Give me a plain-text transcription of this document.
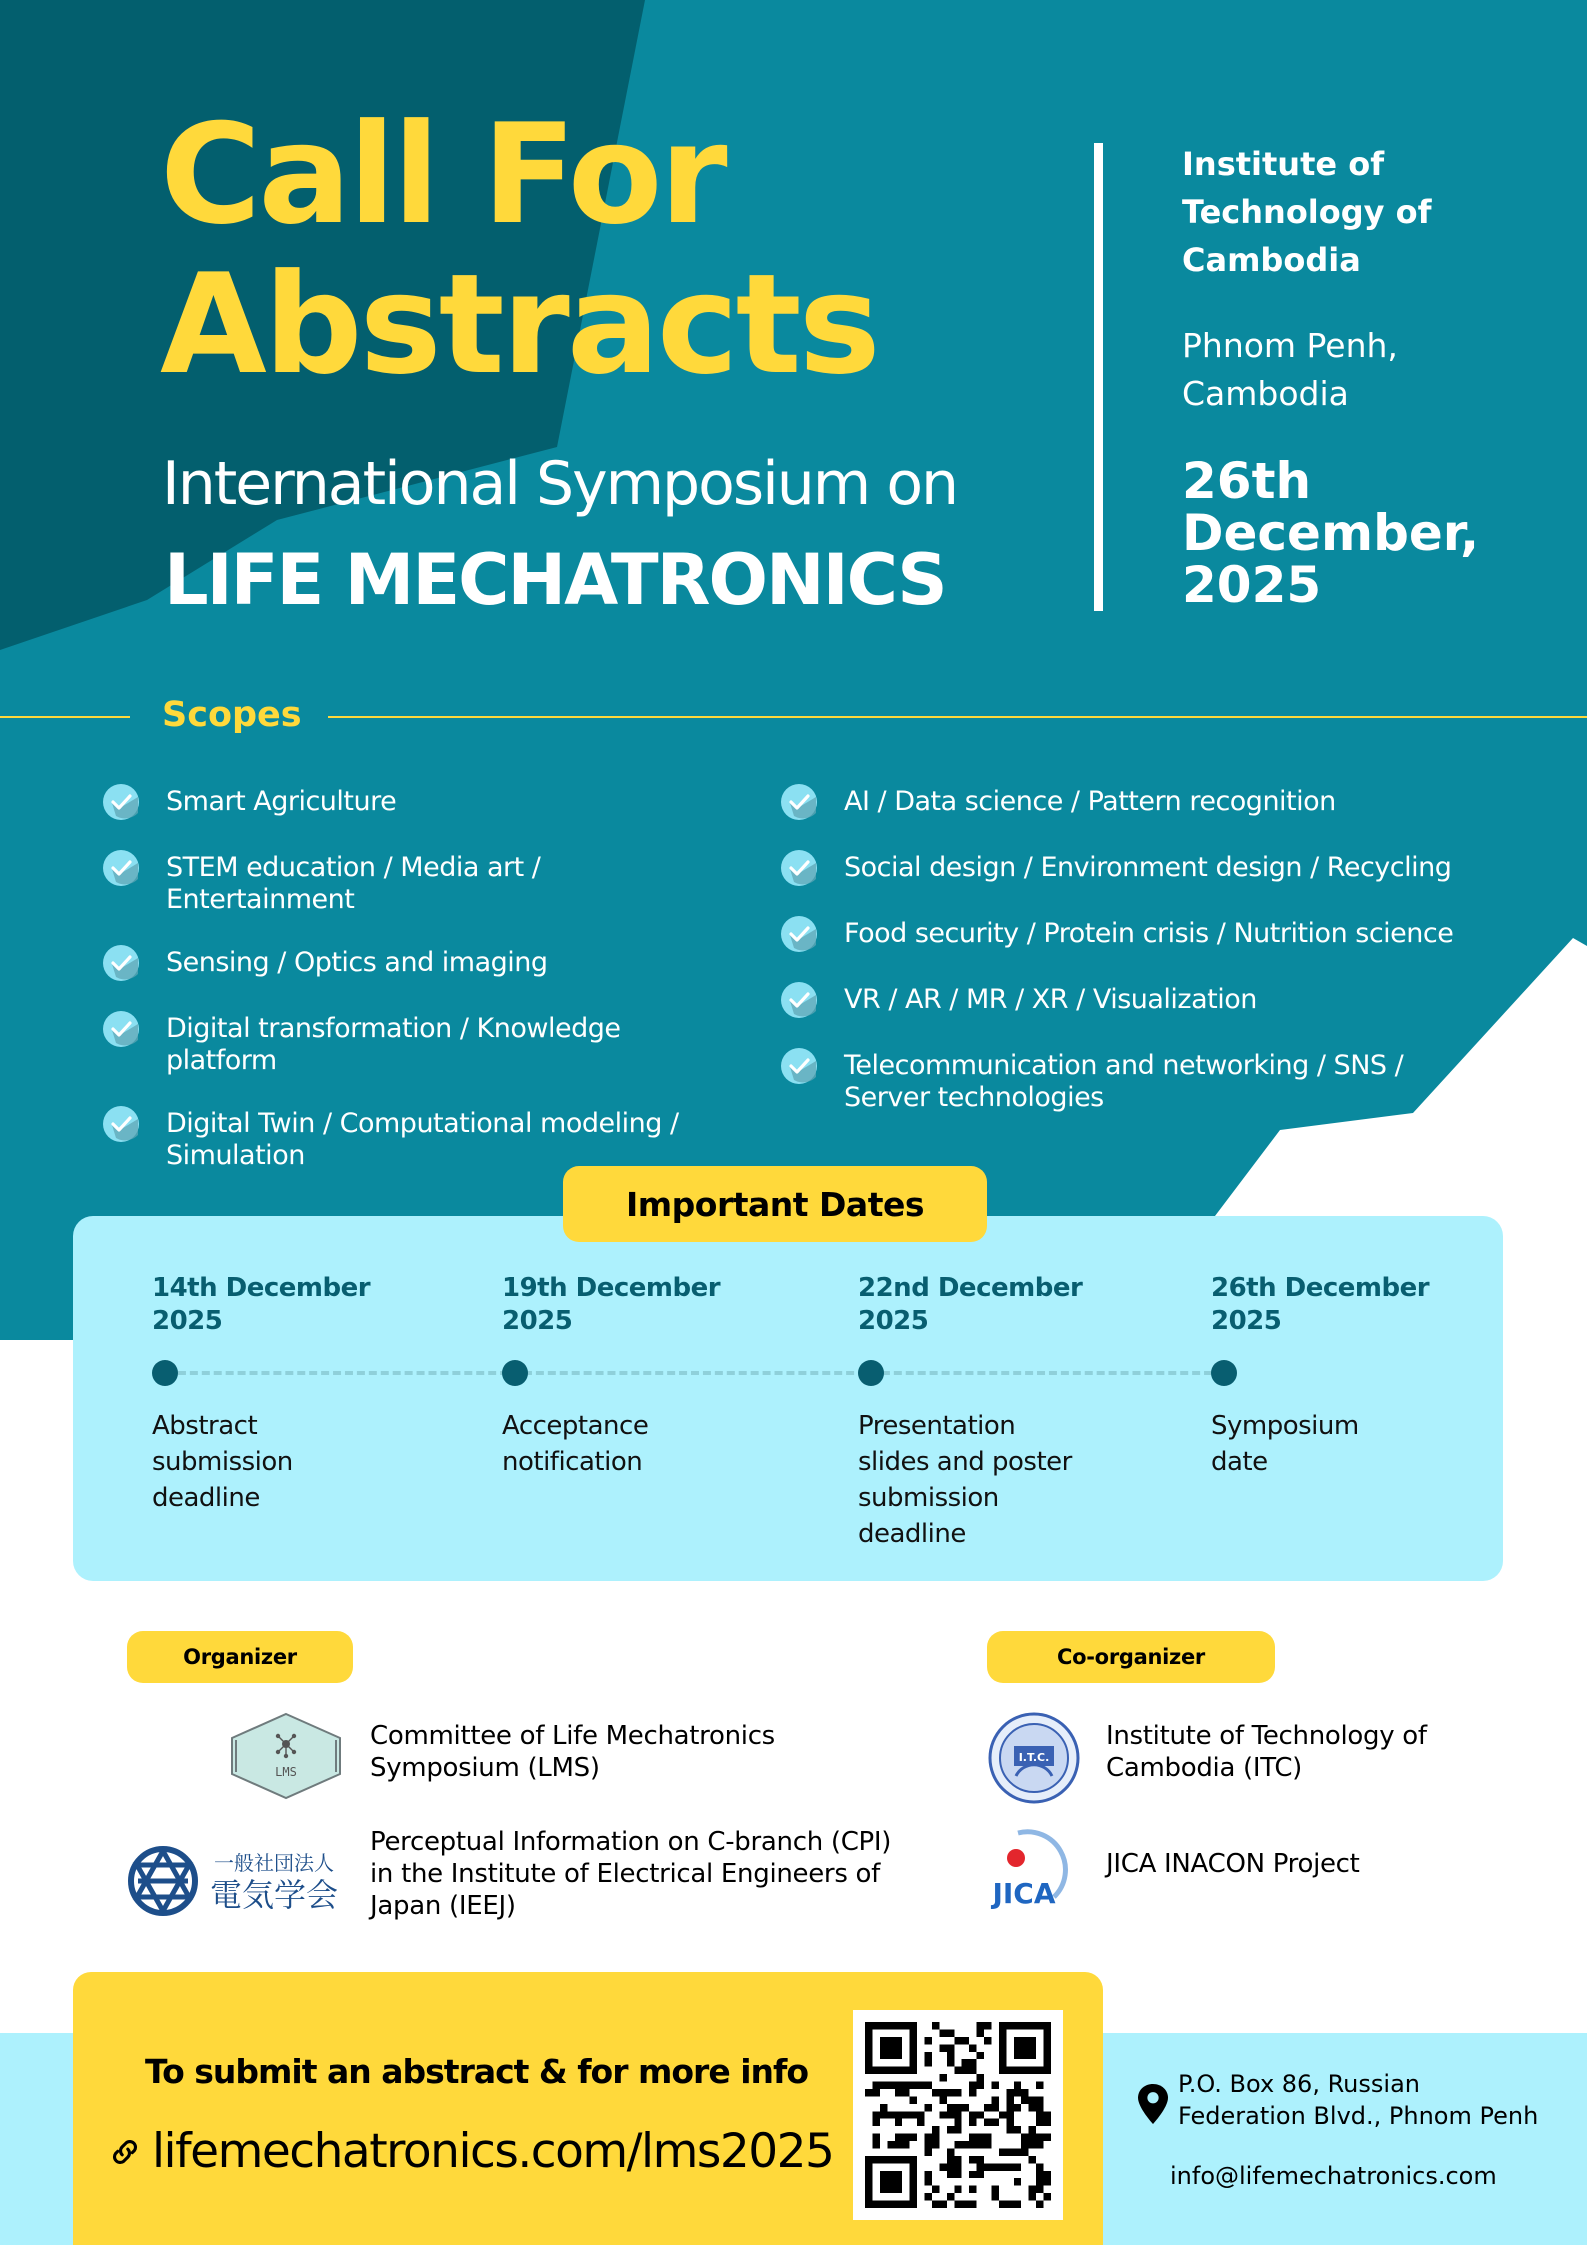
Call For
Abstracts
International Symposium on
LIFE MECHATRONICS
Institute of
Technology of
Cambodia
Phnom Penh,
Cambodia
26th
December,
2025
Scopes
Smart Agriculture
STEM education / Media art / Entertainment
Sensing / Optics and imaging
Digital transformation / Knowledge platform
Digital Twin / Computational modeling / Simulation
AI / Data science / Pattern recognition
Social design / Environment design / Recycling
Food security / Protein crisis / Nutrition science
VR / AR / MR / XR / Visualization
Telecommunication and networking / SNS / Server technologies
Important Dates
14th December
2025
Abstract submission deadline
19th December
2025
Acceptance notification
22nd December
2025
Presentation slides and poster submission deadline
26th December
2025
Symposium date
Organizer	Co-organizer
LMS
Committee of Life Mechatronics Symposium (LMS)
一般社団法人
電気学会
Perceptual Information on C-branch (CPI) in the Institute of Electrical Engineers of Japan (IEEJ)
I.T.C.
Institute of Technology of Cambodia (ITC)
JICA
JICA INACON Project
To submit an abstract & for more info
lifemechatronics.com/lms2025
P.O. Box 86, Russian
Federation Blvd., Phnom Penh
info@lifemechatronics.com
